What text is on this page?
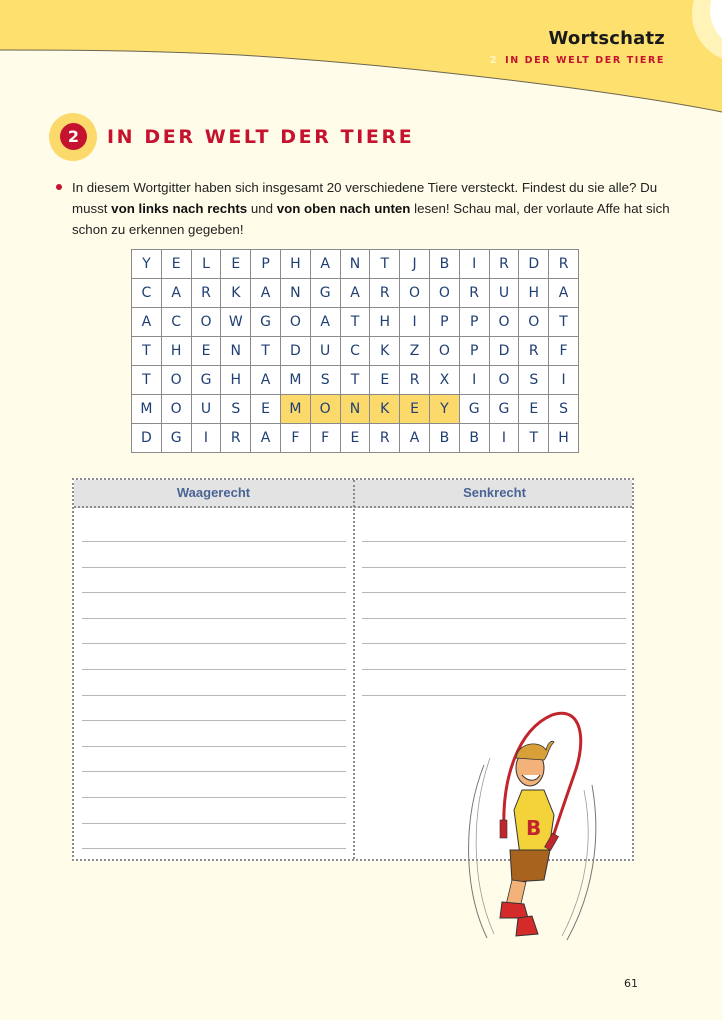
Wortschatz
2 IN DER WELT DER TIERE
2	IN DER WELT DER TIERE
In diesem Wortgitter haben sich insgesamt 20 verschiedene Tiere versteckt. Findest du sie alle? Du musst von links nach rechts und von oben nach unten lesen! Schau mal, der vorlaute Affe hat sich schon zu erkennen gegeben!
Y	E	L	E	P	H	A	N	T	J	B	I	R	D	R
C	A	R	K	A	N	G	A	R	O	O	R	U	H	A
A	C	O	W	G	O	A	T	H	I	P	P	O	O	T
T	H	E	N	T	D	U	C	K	Z	O	P	D	R	F
T	O	G	H	A	M	S	T	E	R	X	I	O	S	I
M	O	U	S	E	M	O	N	K	E	Y	G	G	E	S
D	G	I	R	A	F	F	E	R	A	B	B	I	T	H
Waagerecht	Senkrecht
B
61
